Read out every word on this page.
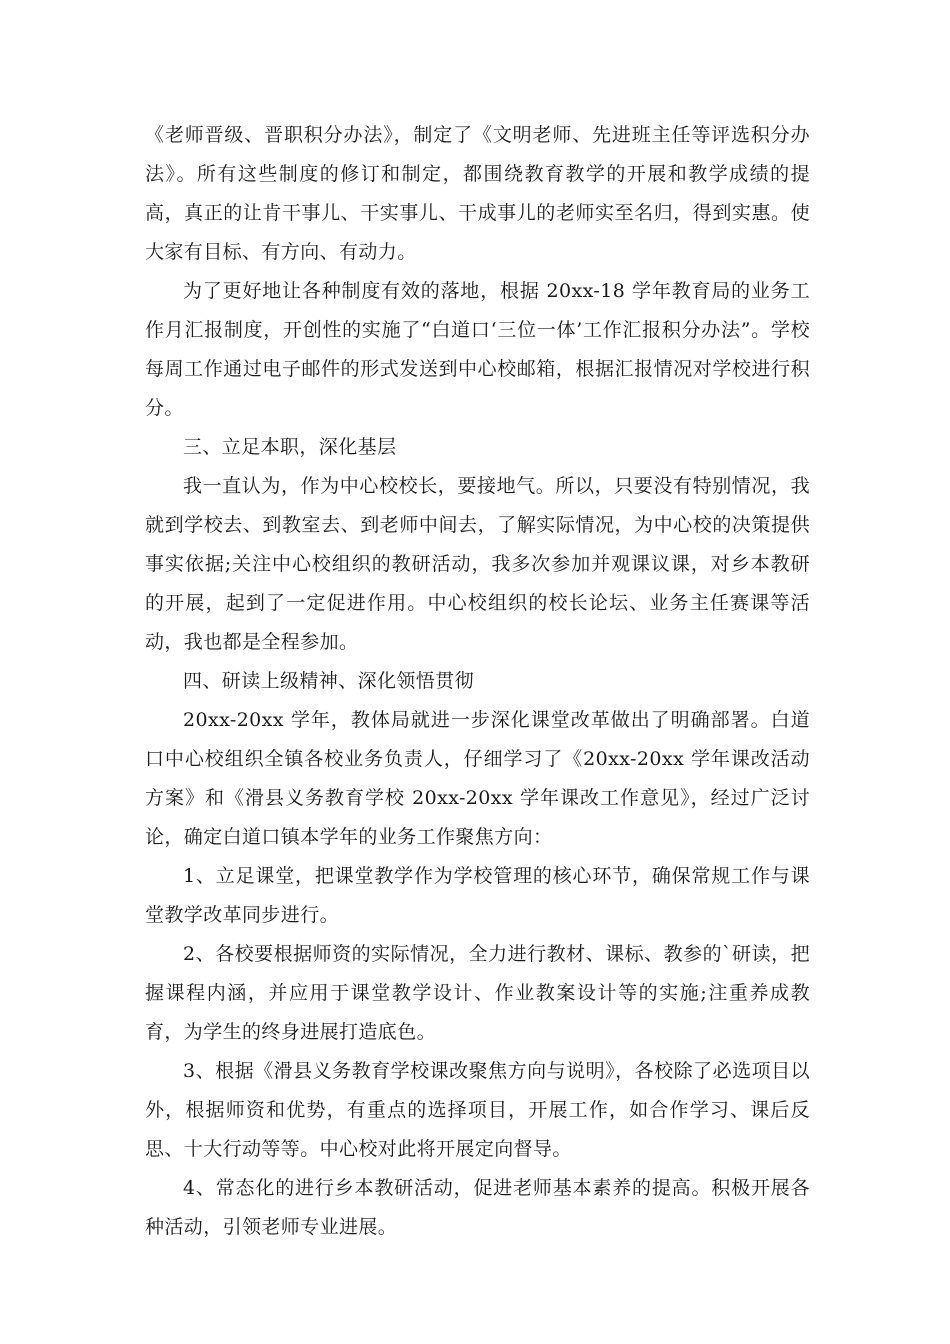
《老师晋级、晋职积分办法》，制定了《文明老师、先进班主任等评选积分办法》。所有这些制度的修订和制定，都围绕教育教学的开展和教学成绩的提高，真正的让肯干事儿、干实事儿、干成事儿的老师实至名归，得到实惠。使大家有目标、有方向、有动力。

为了更好地让各种制度有效的落地，根据 20xx-18 学年教育局的业务工作月汇报制度，开创性的实施了“白道口‘三位一体’工作汇报积分办法”。学校每周工作通过电子邮件的形式发送到中心校邮箱，根据汇报情况对学校进行积分。

三、立足本职，深化基层

我一直认为，作为中心校校长，要接地气。所以，只要没有特别情况，我就到学校去、到教室去、到老师中间去，了解实际情况，为中心校的决策提供事实依据;关注中心校组织的教研活动，我多次参加并观课议课，对乡本教研的开展，起到了一定促进作用。中心校组织的校长论坛、业务主任赛课等活动，我也都是全程参加。

四、研读上级精神、深化领悟贯彻

20xx-20xx 学年，教体局就进一步深化课堂改革做出了明确部署。白道口中心校组织全镇各校业务负责人，仔细学习了《20xx-20xx 学年课改活动方案》和《滑县义务教育学校 20xx-20xx 学年课改工作意见》，经过广泛讨论，确定白道口镇本学年的业务工作聚焦方向：

1、立足课堂，把课堂教学作为学校管理的核心环节，确保常规工作与课堂教学改革同步进行。

2、各校要根据师资的实际情况，全力进行教材、课标、教参的`研读，把握课程内涵，并应用于课堂教学设计、作业教案设计等的实施;注重养成教育，为学生的终身进展打造底色。

3、根据《滑县义务教育学校课改聚焦方向与说明》，各校除了必选项目以外，根据师资和优势，有重点的选择项目，开展工作，如合作学习、课后反思、十大行动等等。中心校对此将开展定向督导。

4、常态化的进行乡本教研活动，促进老师基本素养的提高。积极开展各种活动，引领老师专业进展。
